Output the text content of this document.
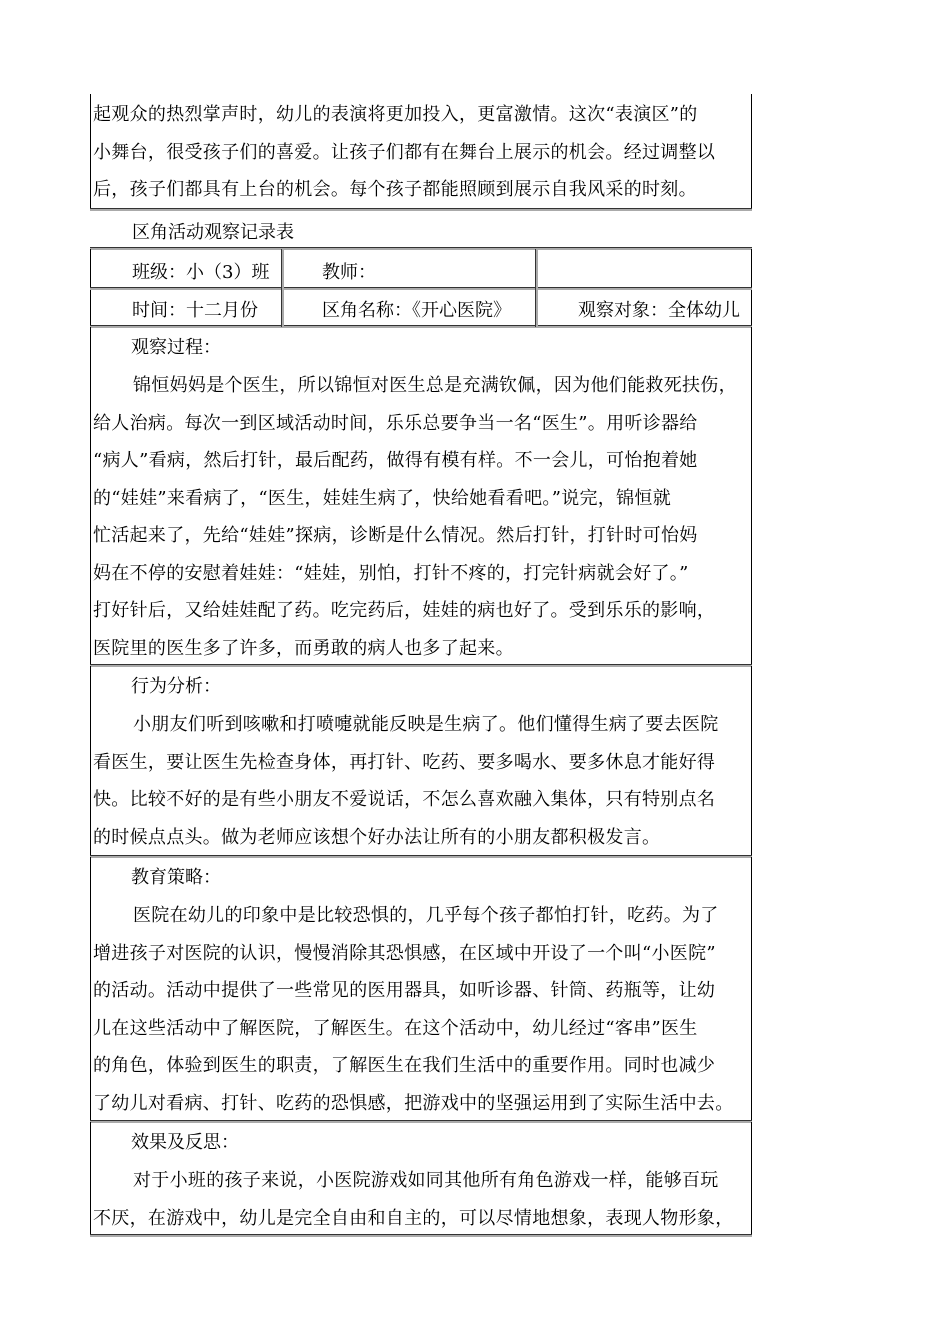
起观众的热烈掌声时，幼儿的表演将更加投入，更富激情。这次“表演区”的
小舞台，很受孩子们的喜爱。让孩子们都有在舞台上展示的机会。经过调整以
后，孩子们都具有上台的机会。每个孩子都能照顾到展示自我风采的时刻。
区角活动观察记录表
班级：小（3）班	教师：
时间：十二月份	区角名称：《开心医院》	观察对象：全体幼儿
观察过程：
锦恒妈妈是个医生，所以锦恒对医生总是充满钦佩，因为他们能救死扶伤，
给人治病。每次一到区域活动时间，乐乐总要争当一名“医生”。用听诊器给
“病人”看病，然后打针，最后配药，做得有模有样。不一会儿，可怡抱着她
的“娃娃”来看病了，“医生，娃娃生病了，快给她看看吧。”说完，锦恒就
忙活起来了，先给“娃娃”探病，诊断是什么情况。然后打针，打针时可怡妈
妈在不停的安慰着娃娃：“娃娃，别怕，打针不疼的，打完针病就会好了。”
打好针后，又给娃娃配了药。吃完药后，娃娃的病也好了。受到乐乐的影响，
医院里的医生多了许多，而勇敢的病人也多了起来。
行为分析：
小朋友们听到咳嗽和打喷嚏就能反映是生病了。他们懂得生病了要去医院
看医生，要让医生先检查身体，再打针、吃药、要多喝水、要多休息才能好得
快。比较不好的是有些小朋友不爱说话，不怎么喜欢融入集体，只有特别点名
的时候点点头。做为老师应该想个好办法让所有的小朋友都积极发言。
教育策略：
医院在幼儿的印象中是比较恐惧的，几乎每个孩子都怕打针，吃药。为了
增进孩子对医院的认识，慢慢消除其恐惧感，在区域中开设了一个叫“小医院”
的活动。活动中提供了一些常见的医用器具，如听诊器、针筒、药瓶等，让幼
儿在这些活动中了解医院，了解医生。在这个活动中，幼儿经过“客串”医生
的角色，体验到医生的职责，了解医生在我们生活中的重要作用。同时也减少
了幼儿对看病、打针、吃药的恐惧感，把游戏中的坚强运用到了实际生活中去。
效果及反思：
对于小班的孩子来说，小医院游戏如同其他所有角色游戏一样，能够百玩
不厌，在游戏中，幼儿是完全自由和自主的，可以尽情地想象，表现人物形象，
